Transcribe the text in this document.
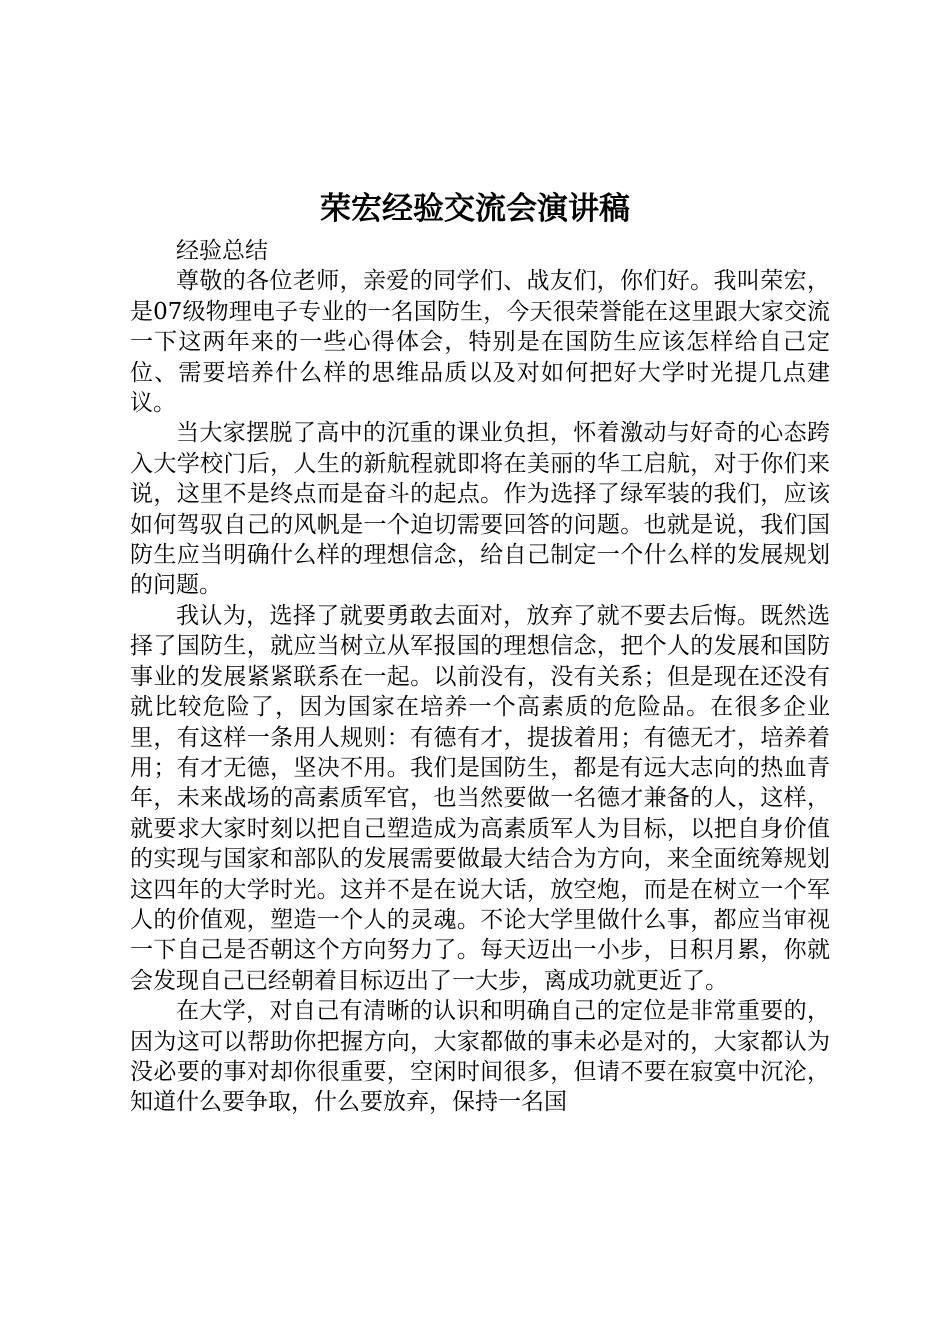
荣宏经验交流会演讲稿

经验总结

尊敬的各位老师，亲爱的同学们、战友们，你们好。我叫荣宏，是07级物理电子专业的一名国防生，今天很荣誉能在这里跟大家交流一下这两年来的一些心得体会，特别是在国防生应该怎样给自己定位、需要培养什么样的思维品质以及对如何把好大学时光提几点建议。

当大家摆脱了高中的沉重的课业负担，怀着激动与好奇的心态跨入大学校门后，人生的新航程就即将在美丽的华工启航，对于你们来说，这里不是终点而是奋斗的起点。作为选择了绿军装的我们，应该如何驾驭自己的风帆是一个迫切需要回答的问题。也就是说，我们国防生应当明确什么样的理想信念，给自己制定一个什么样的发展规划的问题。

我认为，选择了就要勇敢去面对，放弃了就不要去后悔。既然选择了国防生，就应当树立从军报国的理想信念，把个人的发展和国防事业的发展紧紧联系在一起。以前没有，没有关系；但是现在还没有就比较危险了，因为国家在培养一个高素质的危险品。在很多企业里，有这样一条用人规则：有德有才，提拔着用；有德无才，培养着用；有才无德，坚决不用。我们是国防生，都是有远大志向的热血青年，未来战场的高素质军官，也当然要做一名德才兼备的人，这样，就要求大家时刻以把自己塑造成为高素质军人为目标，以把自身价值的实现与国家和部队的发展需要做最大结合为方向，来全面统筹规划这四年的大学时光。这并不是在说大话，放空炮，而是在树立一个军人的价值观，塑造一个人的灵魂。不论大学里做什么事，都应当审视一下自己是否朝这个方向努力了。每天迈出一小步，日积月累，你就会发现自己已经朝着目标迈出了一大步，离成功就更近了。

在大学，对自己有清晰的认识和明确自己的定位是非常重要的，因为这可以帮助你把握方向，大家都做的事未必是对的，大家都认为没必要的事对却你很重要，空闲时间很多，但请不要在寂寞中沉沦，知道什么要争取，什么要放弃，保持一名国
